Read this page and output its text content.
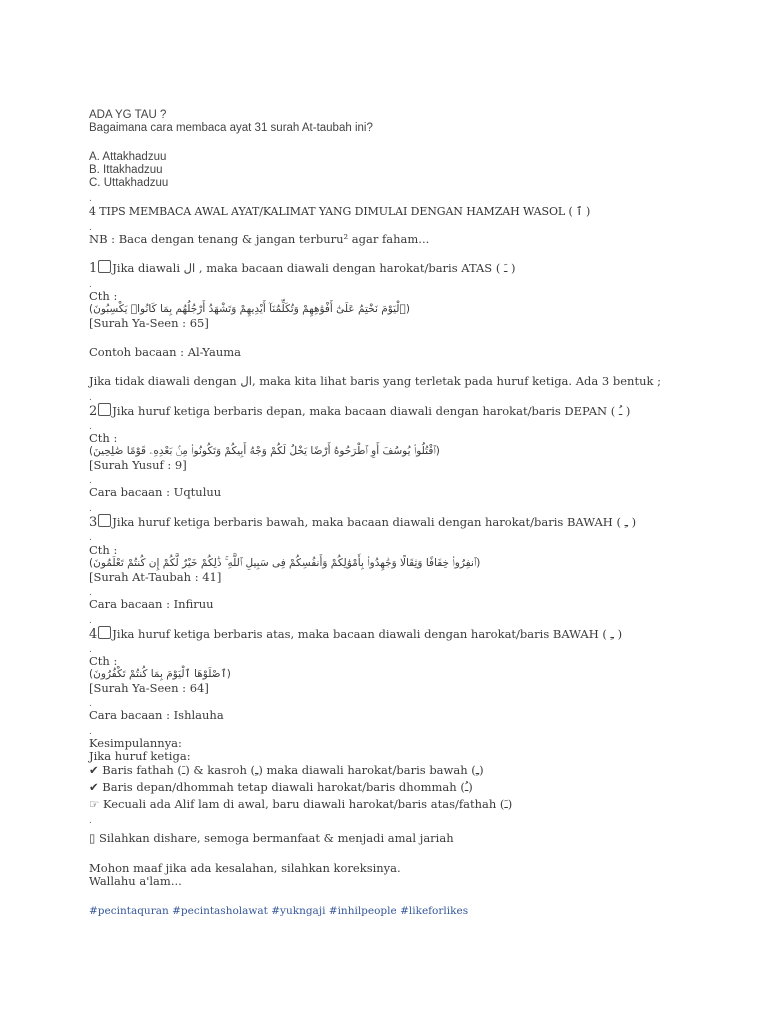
ADA YG TAU ?
Bagaimana cara membaca ayat 31 surah At-taubah ini?
A. Attakhadzuu
B. Ittakhadzuu
C. Uttakhadzuu
.
4 TIPS MEMBACA AWAL AYAT/KALIMAT YANG DIMULAI DENGAN HAMZAH WASOL ( ٱ )
.
NB : Baca dengan tenang & jangan terburu² agar faham...
1 Jika diawali ال , maka bacaan diawali dengan harokat/baris ATAS ( ـَ )
.
Cth :
(ٱلْيَوْمَ نَخْتِمُ عَلَىٰٓ أَفْوَٰهِهِمْ وَتُكَلِّمُنَآ أَيْدِيهِمْ وَتَشْهَدُ أَرْجُلُهُم بِمَا كَانُوا۟ يَكْسِبُونَ)
[Surah Ya-Seen : 65]
Contoh bacaan : Al-Yauma
Jika tidak diawali dengan ال, maka kita lihat baris yang terletak pada huruf ketiga. Ada 3 bentuk ;
.
2 Jika huruf ketiga berbaris depan, maka bacaan diawali dengan harokat/baris DEPAN ( ـُ )
.
Cth :
(ٱقْتُلُوا۟ يُوسُفَ أَوِ ٱطْرَحُوهُ أَرْضًا يَخْلُ لَكُمْ وَجْهُ أَبِيكُمْ وَتَكُونُوا۟ مِنۢ بَعْدِهِۦ قَوْمًا صَٰلِحِينَ)
[Surah Yusuf : 9]
.
Cara bacaan : Uqtuluu
.
3 Jika huruf ketiga berbaris bawah, maka bacaan diawali dengan harokat/baris BAWAH ( ـِ )
.
Cth :
(ٱنفِرُوا۟ خِفَافًا وَثِقَالًا وَجَٰهِدُوا۟ بِأَمْوَٰلِكُمْ وَأَنفُسِكُمْ فِى سَبِيلِ ٱللَّهِ ۚ ذَٰلِكُمْ خَيْرٌ لَّكُمْ إِن كُنتُمْ تَعْلَمُونَ)
[Surah At-Taubah : 41]
.
Cara bacaan : Infiruu
.
4 Jika huruf ketiga berbaris atas, maka bacaan diawali dengan harokat/baris BAWAH ( ـِ )
.
Cth :
(ٱصْلَوْهَا ٱلْيَوْمَ بِمَا كُنتُمْ تَكْفُرُونَ)
[Surah Ya-Seen : 64]
.
Cara bacaan : Ishlauha
.
Kesimpulannya:
Jika huruf ketiga:
✔ Baris fathah (ـَ) & kasroh (ـِ) maka diawali harokat/baris bawah (ـِ)
✔ Baris depan/dhommah tetap diawali harokat/baris dhommah (ـُ)
☞ Kecuali ada Alif lam di awal, baru diawali harokat/baris atas/fathah (ـَ)
.
▯ Silahkan dishare, semoga bermanfaat & menjadi amal jariah
Mohon maaf jika ada kesalahan, silahkan koreksinya.
Wallahu a'lam...
#pecintaquran #pecintasholawat #yukngaji #inhilpeople #likeforlikes
